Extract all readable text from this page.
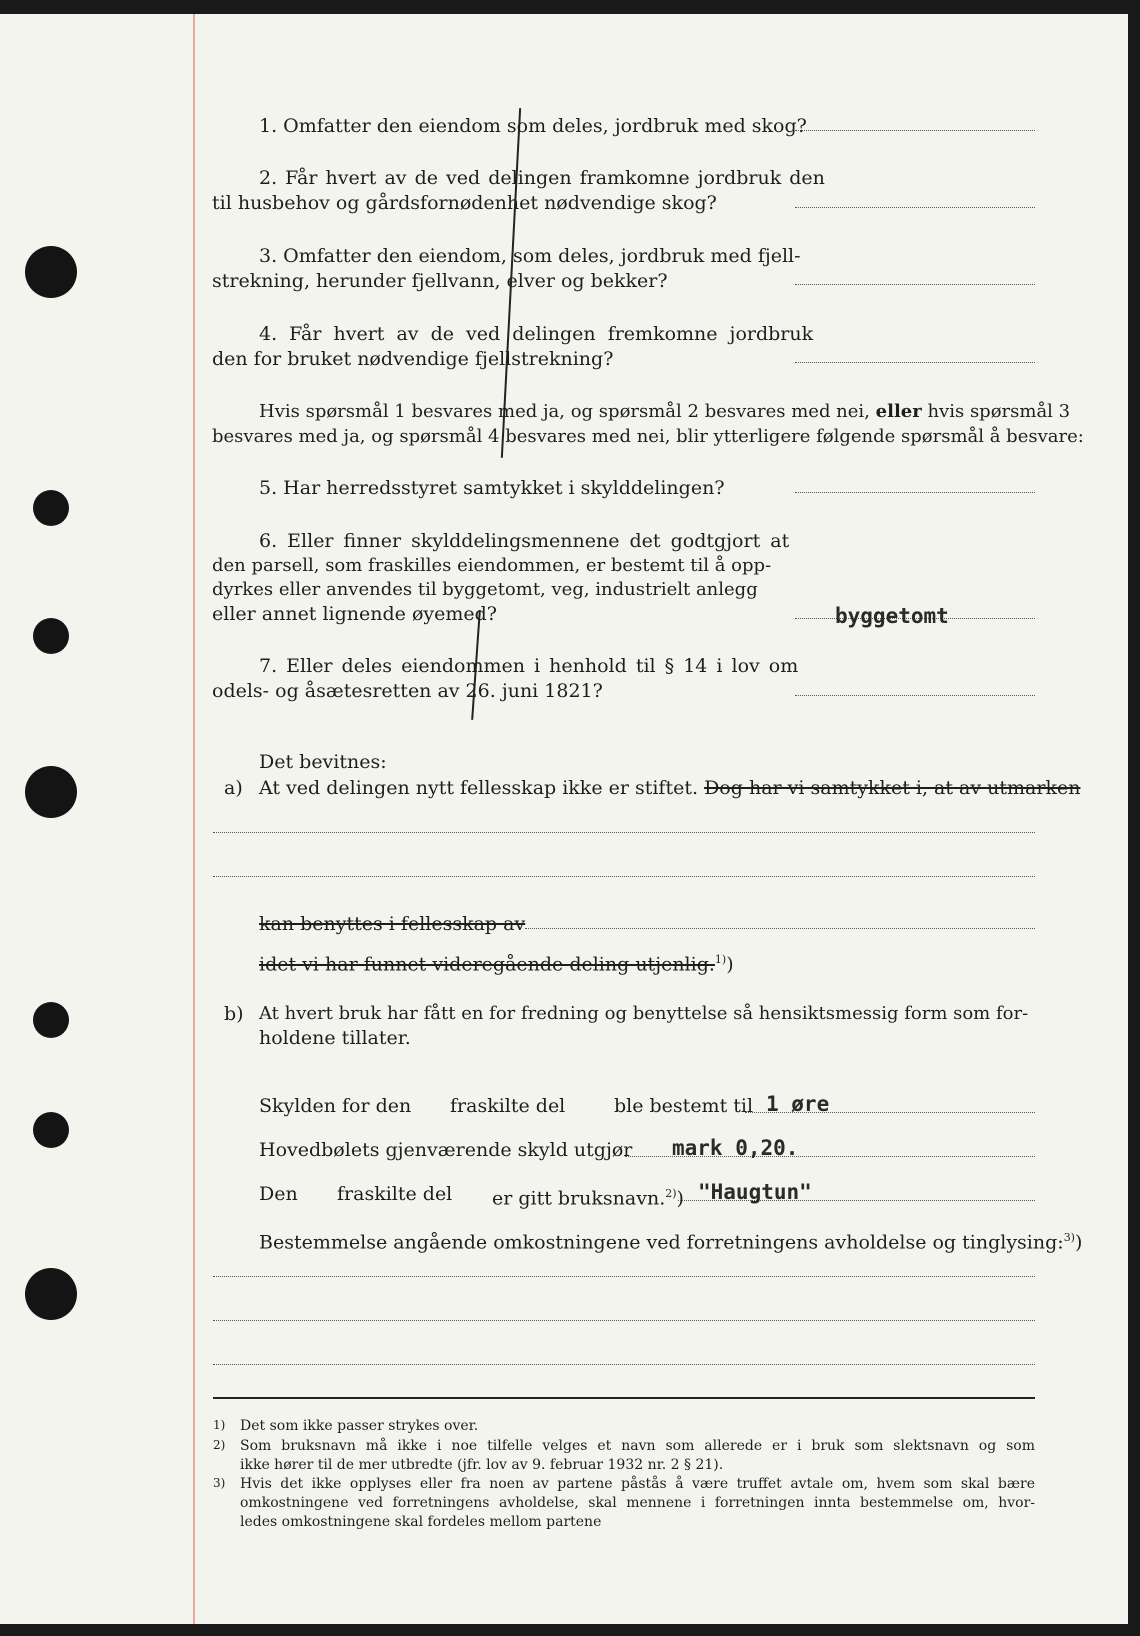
1. Omfatter den eiendom som deles, jordbruk med skog?
2. Får hvert av de ved delingen framkomne jordbruk den
til husbehov og gårdsfornødenhet nødvendige skog?
3. Omfatter den eiendom, som deles, jordbruk med fjell-
strekning, herunder fjellvann, elver og bekker?
4. Får hvert av de ved delingen fremkomne jordbruk
den for bruket nødvendige fjellstrekning?
Hvis spørsmål 1 besvares med ja, og spørsmål 2 besvares med nei, eller hvis spørsmål 3
besvares med ja, og spørsmål 4 besvares med nei, blir ytterligere følgende spørsmål å besvare:
5. Har herredsstyret samtykket i skylddelingen?
6. Eller finner skylddelingsmennene det godtgjort at
den parsell, som fraskilles eiendommen, er bestemt til å opp-
dyrkes eller anvendes til byggetomt, veg, industrielt anlegg
eller annet lignende øyemed?	byggetomt
7. Eller deles eiendommen i henhold til § 14 i lov om
odels- og åsætesretten av 26. juni 1821?
Det bevitnes:
a) At ved delingen nytt fellesskap ikke er stiftet. Dog har vi samtykket i, at av utmarken
kan benyttes i fellesskap av
idet vi har funnet videregående deling utjenlig.$^{1)}$)
b) At hvert bruk har fått en for fredning og benyttelse så hensiktsmessig form som for-
holdene tillater.
Skylden for den fraskilte del	ble bestemt til 1 øre
Hovedbølets gjenværende skyld utgjør mark 0,20.
Den fraskilte del er gitt bruksnavn.$^{2)}$) "Haugtun"
Bestemmelse angående omkostningene ved forretningens avholdelse og tinglysing:$^{3)}$)
1) Det som ikke passer strykes over.
2) Som bruksnavn må ikke i noe tilfelle velges et navn som allerede er i bruk som slektsnavn og som
ikke hører til de mer utbredte (jfr. lov av 9. februar 1932 nr. 2 § 21).
3) Hvis det ikke opplyses eller fra noen av partene påstås å være truffet avtale om, hvem som skal bære
omkostningene ved forretningens avholdelse, skal mennene i forretningen innta bestemmelse om, hvor-
ledes omkostningene skal fordeles mellom partene
